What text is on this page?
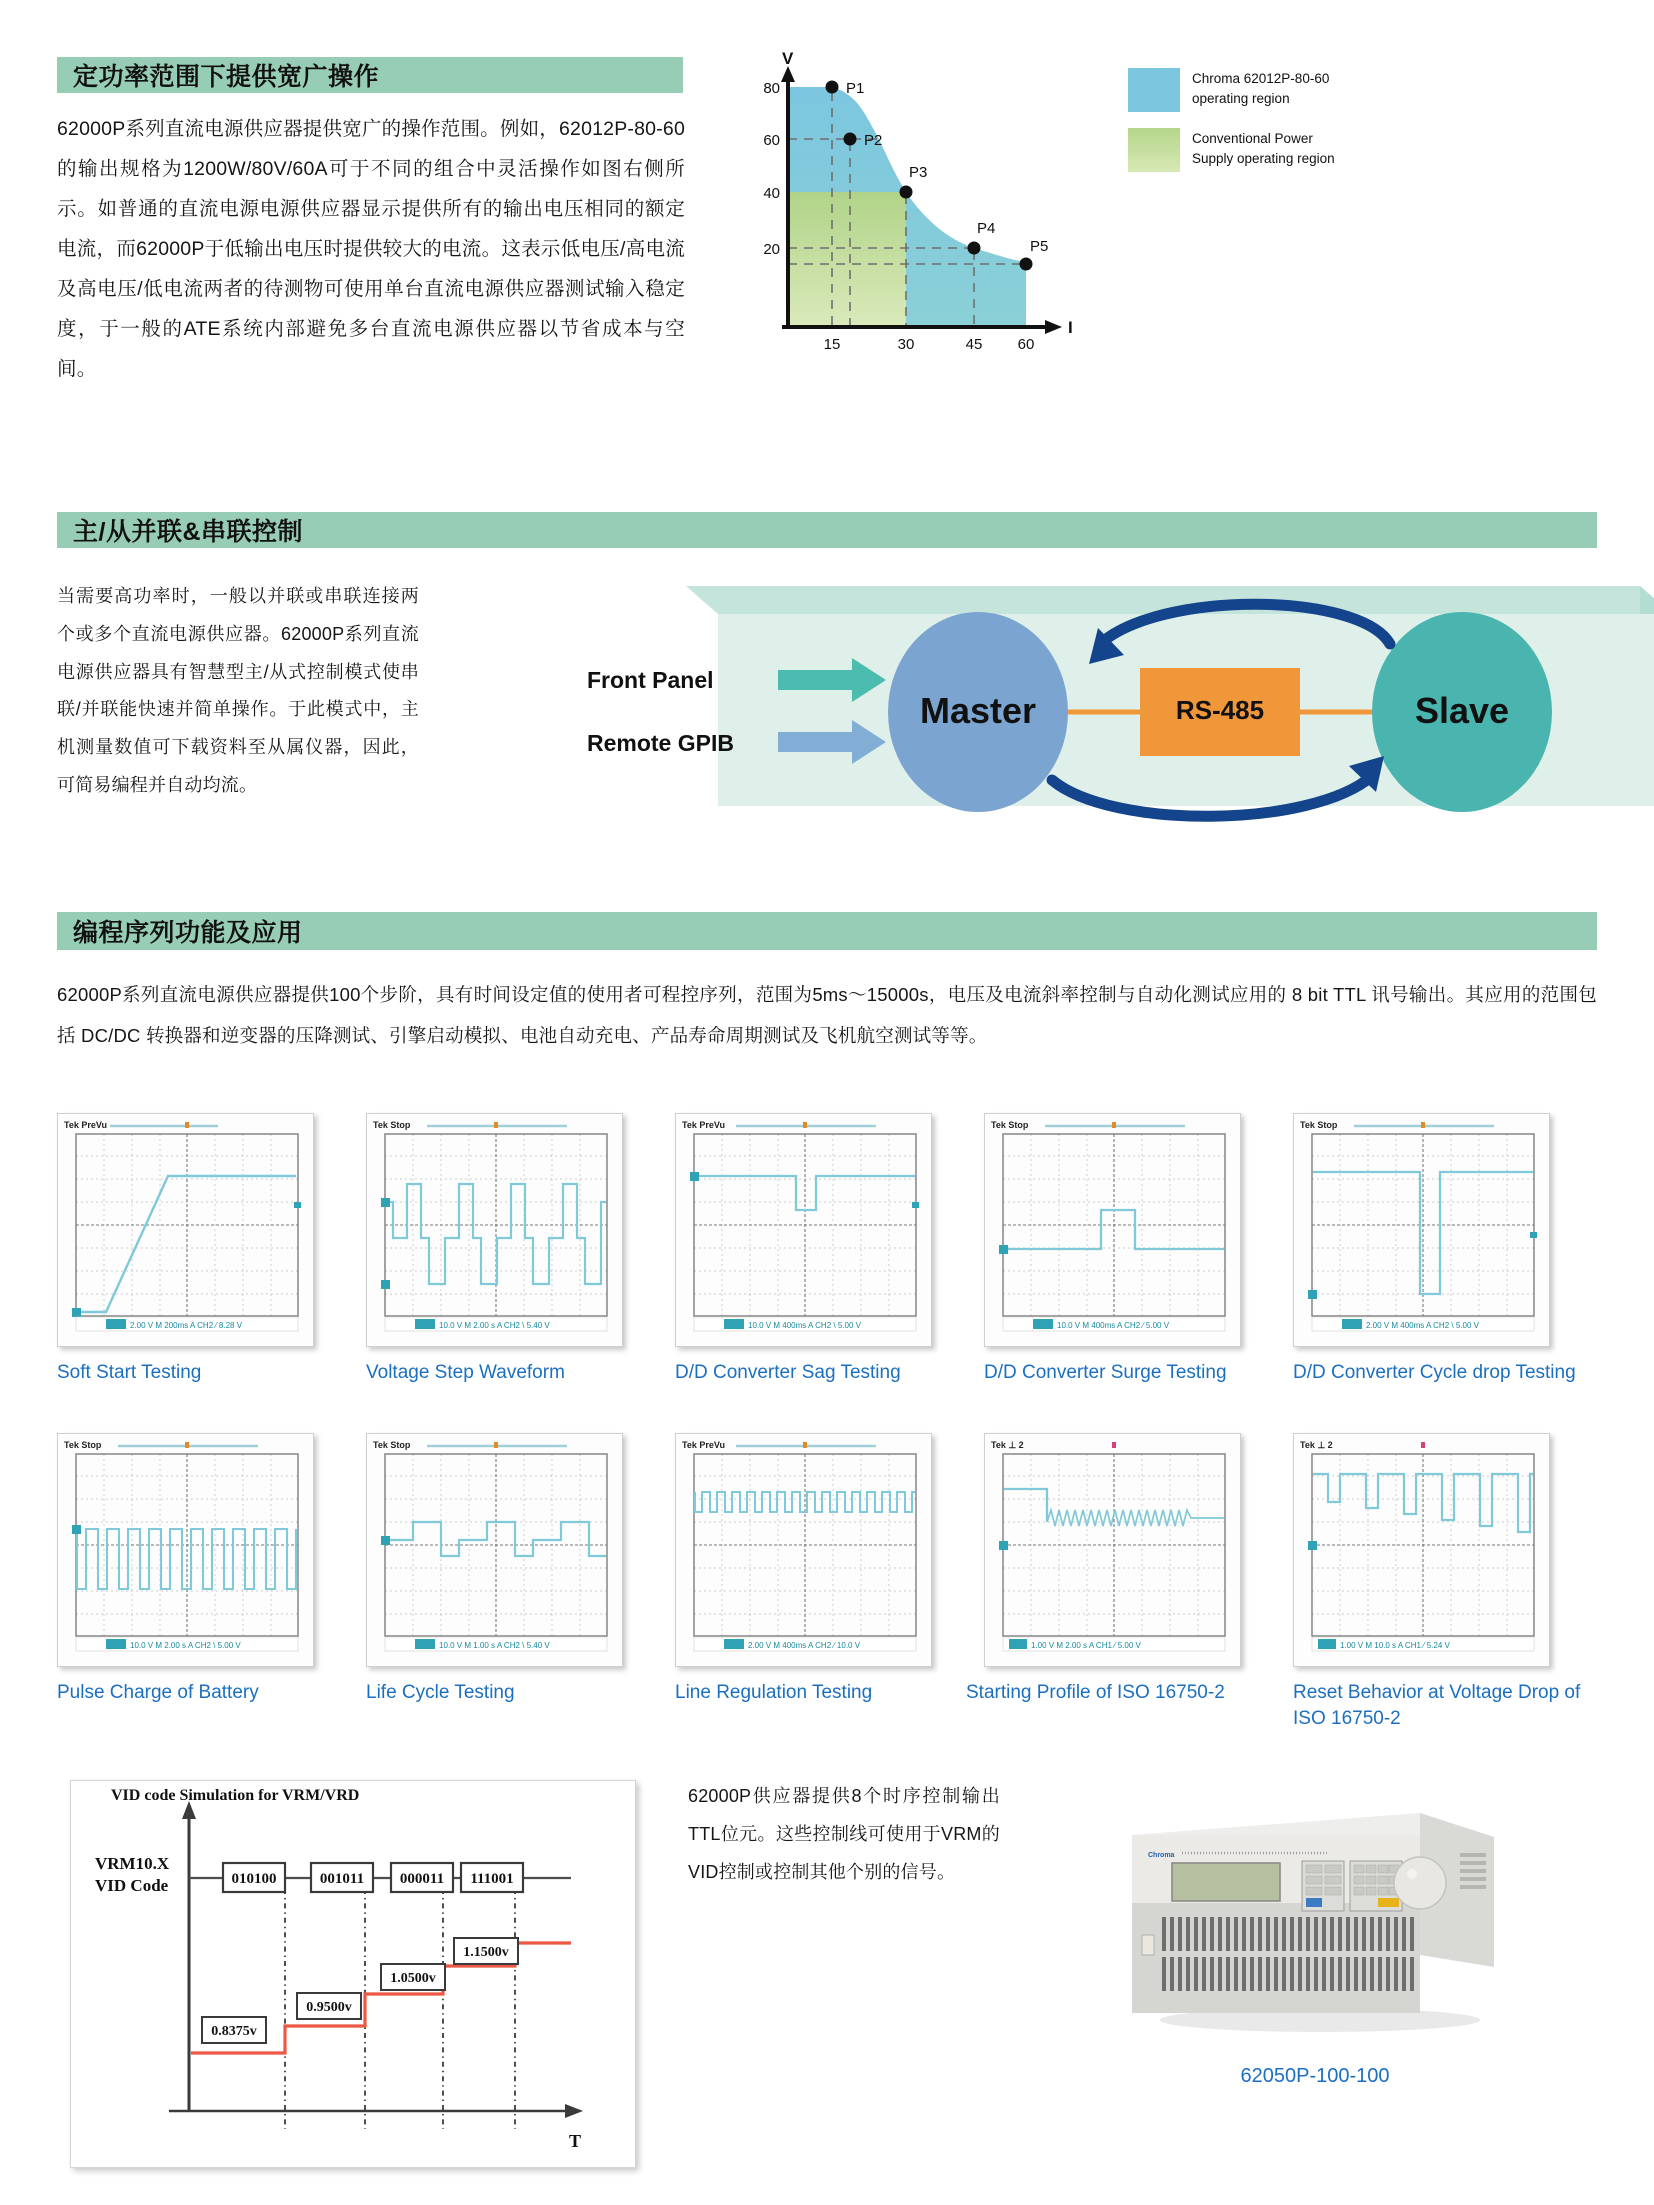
定功率范围下提供宽广操作
62000P系列直流电源供应器提供宽广的操作范围。例如，62012P-80-60的输出规格为1200W/80V/60A可于不同的组合中灵活操作如图右侧所示。如普通的直流电源电源供应器显示提供所有的输出电压相同的额定电流，而62000P于低输出电压时提供较大的电流。这表示低电压/高电流及高电压/低电流两者的待测物可使用单台直流电源供应器测试输入稳定度，于一般的ATE系统内部避免多台直流电源供应器以节省成本与空间。
V
I
80
60
40
20
15	30	45 60
P1
P2
P3
P4
P5
Chroma 62012P-80-60
operating region
Conventional Power
Supply operating region
主/从并联&串联控制
当需要高功率时，一般以并联或串联连接两个或多个直流电源供应器。62000P系列直流电源供应器具有智慧型主/从式控制模式使串联/并联能快速并简单操作。于此模式中，主机测量数值可下载资料至从属仪器，因此，可简易编程并自动均流。
Front Panel
Remote GPIB
Master	Slave
RS-485
编程序列功能及应用
62000P系列直流电源供应器提供100个步阶，具有时间设定值的使用者可程控序列，范围为5ms～15000s，电压及电流斜率控制与自动化测试应用的 8 bit TTL 讯号输出。其应用的范围包括 DC/DC 转换器和逆变器的压降测试、引擎启动模拟、电池自动充电、产品寿命周期测试及飞机航空测试等等。
Tek PreVu
2.00 V M 200ms A CH2 ⁄ 8.28 V
Tek Stop
10.0 V M 2.00 s A CH2 \ 5.40 V
Tek PreVu
10.0 V M 400ms A CH2 \ 5.00 V
Tek Stop
10.0 V M 400ms A CH2 ⁄ 5.00 V
Tek Stop
2.00 V M 400ms A CH2 \ 5.00 V
Soft Start Testing	Voltage Step Waveform	D/D Converter Sag Testing	D/D Converter Surge Testing	D/D Converter Cycle drop Testing
Tek Stop
10.0 V M 2.00 s A CH2 \ 5.00 V
Tek Stop
10.0 V M 1.00 s A CH2 \ 5.40 V
Tek PreVu
2.00 V M 400ms A CH2 ⁄ 10.0 V
Tek ⊥ 2
1.00 V M 2.00 s A CH1 ⁄ 5.00 V
Tek ⊥ 2
1.00 V M 10.0 s A CH1 ⁄ 5.24 V
Pulse Charge of Battery	Life Cycle Testing	Line Regulation Testing	Starting Profile of ISO 16750-2	Reset Behavior at Voltage Drop of ISO 16750-2
010100	001011 000011 111001
0.8375v
0.9500v
1.0500v
1.1500v
T
VID code Simulation for VRM/VRD
VRM10.X
VID Code
62000P供应器提供8个时序控制输出TTL位元。这些控制线可使用于VRM的VID控制或控制其他个别的信号。
Chroma
62050P-100-100
